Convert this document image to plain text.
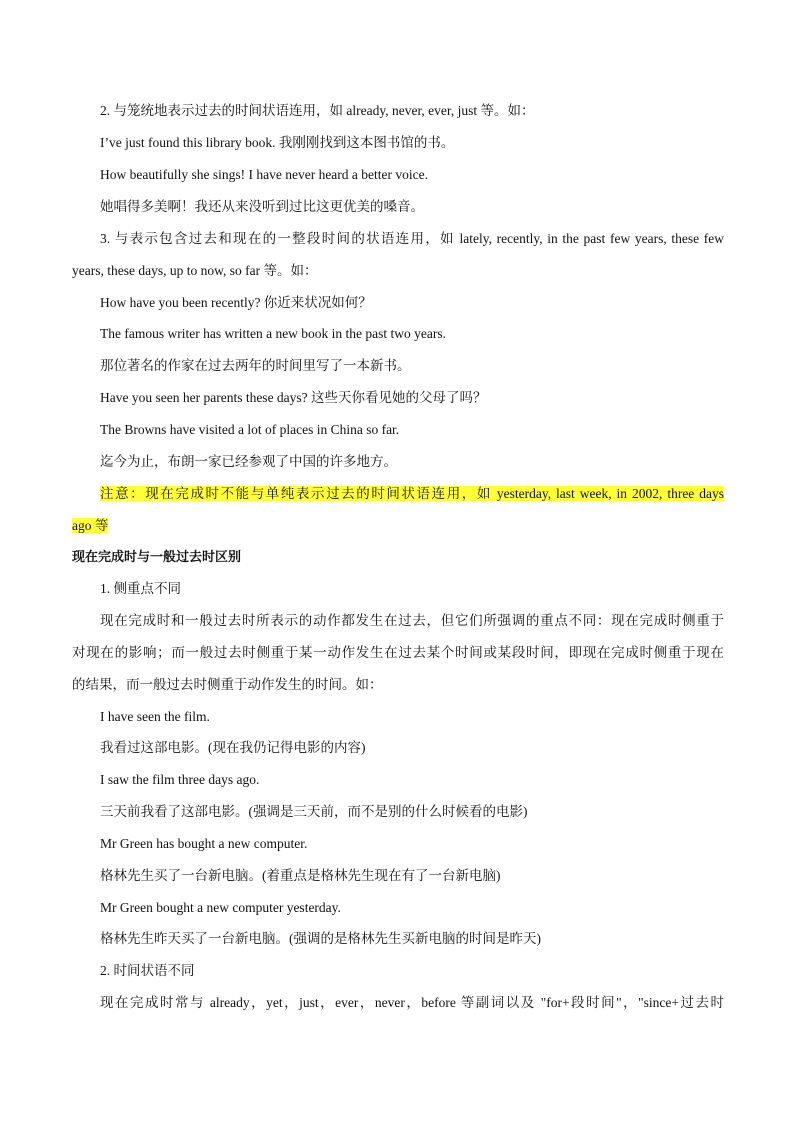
2. 与笼统地表示过去的时间状语连用，如 already, never, ever, just 等。如：
I’ve just found this library book. 我刚刚找到这本图书馆的书。
How beautifully she sings! I have never heard a better voice.
她唱得多美啊！我还从来没听到过比这更优美的嗓音。
3. 与表示包含过去和现在的一整段时间的状语连用，如 lately, recently, in the past few years, these few
years, these days, up to now, so far 等。如：
How have you been recently? 你近来状况如何？
The famous writer has written a new book in the past two years.
那位著名的作家在过去两年的时间里写了一本新书。
Have you seen her parents these days? 这些天你看见她的父母了吗？
The Browns have visited a lot of places in China so far.
迄今为止，布朗一家已经参观了中国的许多地方。
注意：现在完成时不能与单纯表示过去的时间状语连用，如 yesterday, last week, in 2002, three days
ago 等
现在完成时与一般过去时区别
1. 侧重点不同
现在完成时和一般过去时所表示的动作都发生在过去，但它们所强调的重点不同：现在完成时侧重于
对现在的影响；而一般过去时侧重于某一动作发生在过去某个时间或某段时间，即现在完成时侧重于现在
的结果，而一般过去时侧重于动作发生的时间。如：
I have seen the film.
我看过这部电影。(现在我仍记得电影的内容)
I saw the film three days ago.
三天前我看了这部电影。(强调是三天前，而不是别的什么时候看的电影)
Mr Green has bought a new computer.
格林先生买了一台新电脑。(着重点是格林先生现在有了一台新电脑)
Mr Green bought a new computer yesterday.
格林先生昨天买了一台新电脑。(强调的是格林先生买新电脑的时间是昨天)
2. 时间状语不同
现在完成时常与 already，yet，just，ever，never，before 等副词以及 "for+段时间"，"since+过去时
